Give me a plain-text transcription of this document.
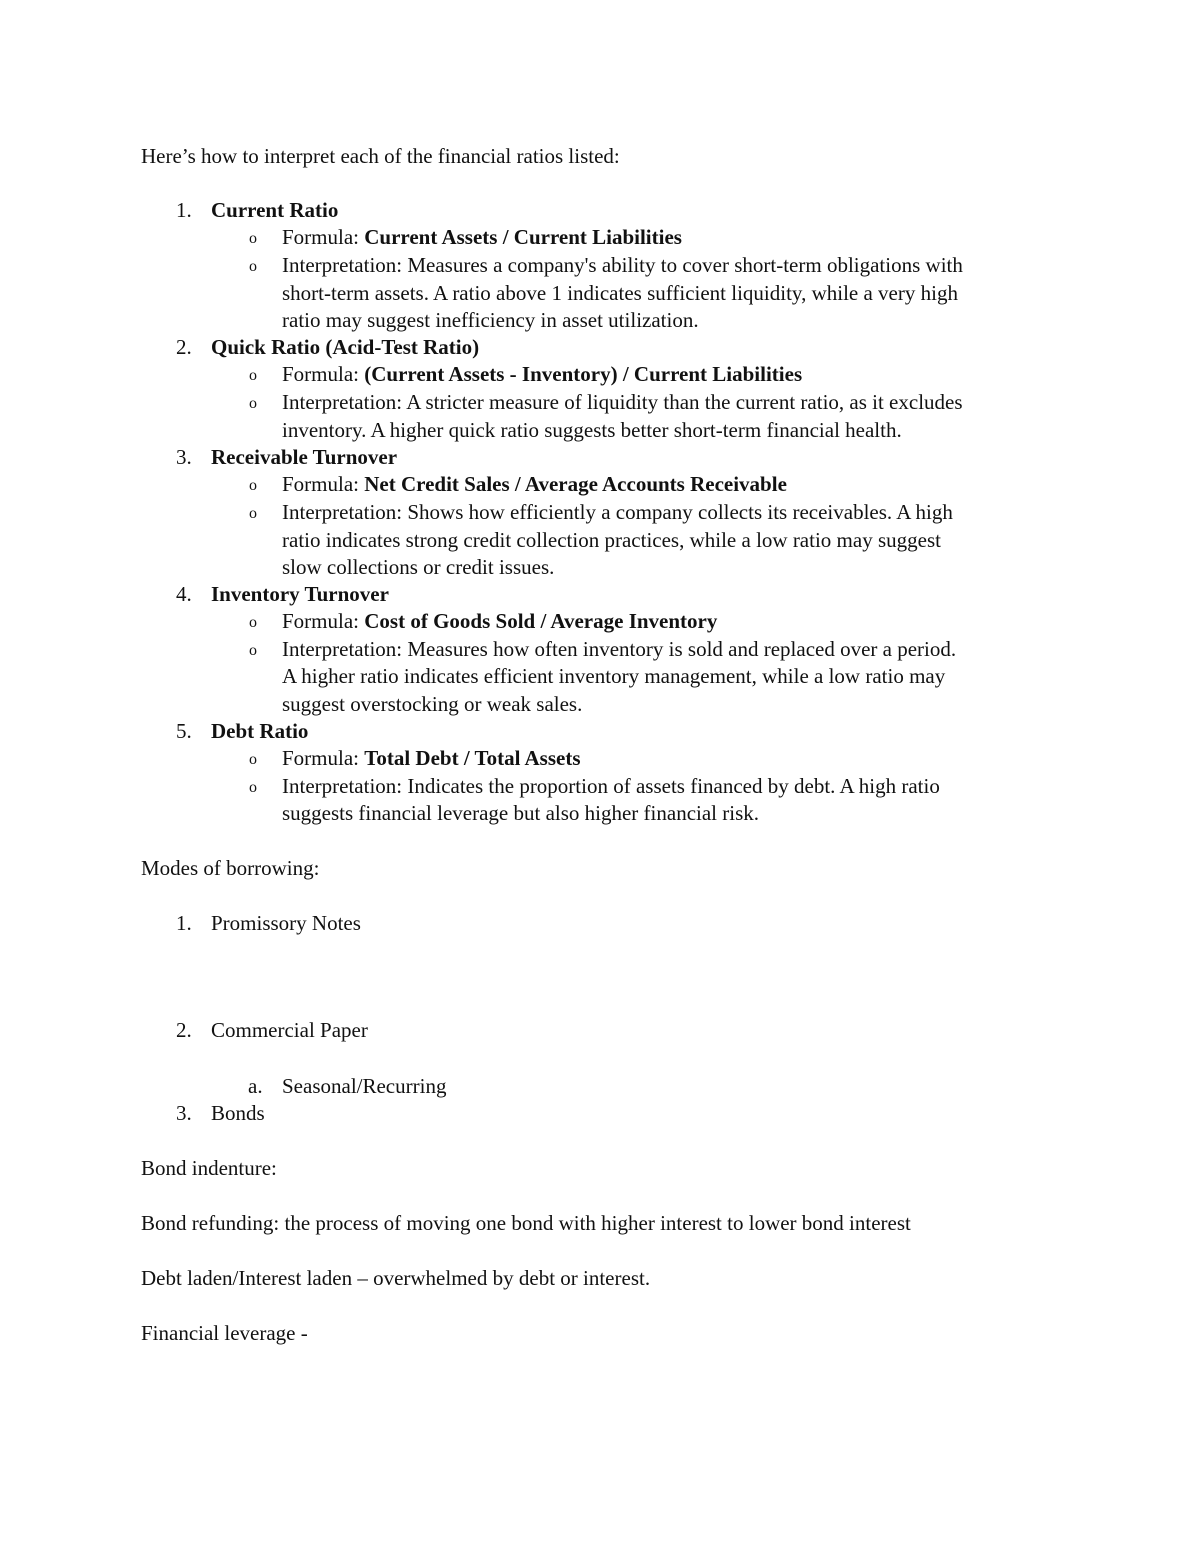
Here’s how to interpret each of the financial ratios listed:
1. Current Ratio
o Formula: Current Assets / Current Liabilities
o Interpretation: Measures a company's ability to cover short-term obligations with
short-term assets. A ratio above 1 indicates sufficient liquidity, while a very high
ratio may suggest inefficiency in asset utilization.
2. Quick Ratio (Acid-Test Ratio)
o Formula: (Current Assets - Inventory) / Current Liabilities
o Interpretation: A stricter measure of liquidity than the current ratio, as it excludes
inventory. A higher quick ratio suggests better short-term financial health.
3. Receivable Turnover
o Formula: Net Credit Sales / Average Accounts Receivable
o Interpretation: Shows how efficiently a company collects its receivables. A high
ratio indicates strong credit collection practices, while a low ratio may suggest
slow collections or credit issues.
4. Inventory Turnover
o Formula: Cost of Goods Sold / Average Inventory
o Interpretation: Measures how often inventory is sold and replaced over a period.
A higher ratio indicates efficient inventory management, while a low ratio may
suggest overstocking or weak sales.
5. Debt Ratio
o Formula: Total Debt / Total Assets
o Interpretation: Indicates the proportion of assets financed by debt. A high ratio
suggests financial leverage but also higher financial risk.
Modes of borrowing:
1. Promissory Notes
2. Commercial Paper
a. Seasonal/Recurring
3. Bonds
Bond indenture:
Bond refunding: the process of moving one bond with higher interest to lower bond interest
Debt laden/Interest laden – overwhelmed by debt or interest.
Financial leverage -
